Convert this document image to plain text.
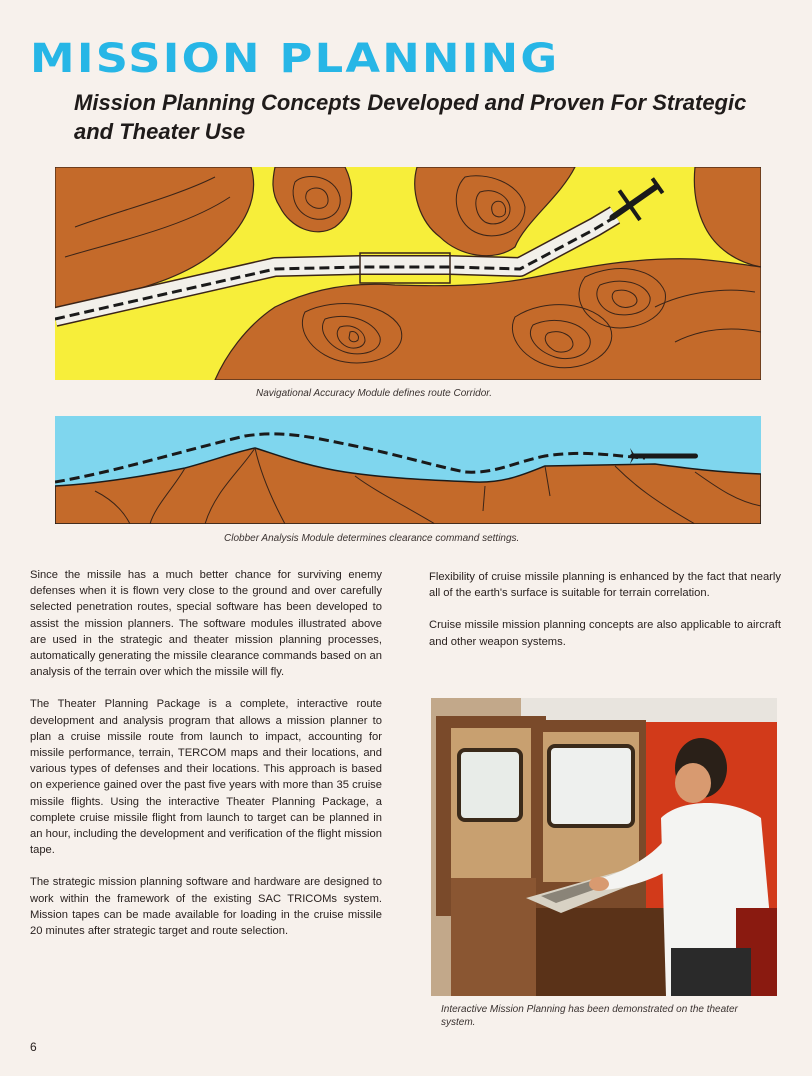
MISSION PLANNING
Mission Planning Concepts Developed and Proven For Strategic and Theater Use
Navigational Accuracy Module defines route Corridor.
Clobber Analysis Module determines clearance command settings.

Since the missile has a much better chance for surviving enemy defenses when it is flown very close to the ground and over carefully selected penetration routes, special software has been developed to assist the mission planners. The software modules illustrated above are used in the strategic and theater mission planning processes, automatically generating the missile clearance commands based on an analysis of the terrain over which the missile will fly.

The Theater Planning Package is a complete, interactive route development and analysis program that allows a mission planner to plan a cruise missile route from launch to impact, accounting for missile performance, terrain, TERCOM maps and their locations, and various types of defenses and their locations. This approach is based on experience gained over the past five years with more than 35 cruise missile flights. Using the interactive Theater Planning Package, a complete cruise missile flight from launch to target can be planned in an hour, including the development and verification of the flight mission tape.

The strategic mission planning software and hardware are designed to work within the framework of the existing SAC TRICOMs system. Mission tapes can be made available for loading in the cruise missile 20 minutes after strategic target and route selection.

Flexibility of cruise missile planning is enhanced by the fact that nearly all of the earth's surface is suitable for terrain correlation.

Cruise missile mission planning concepts are also applicable to aircraft and other weapon systems.

Interactive Mission Planning has been demonstrated on the theater system.
6
